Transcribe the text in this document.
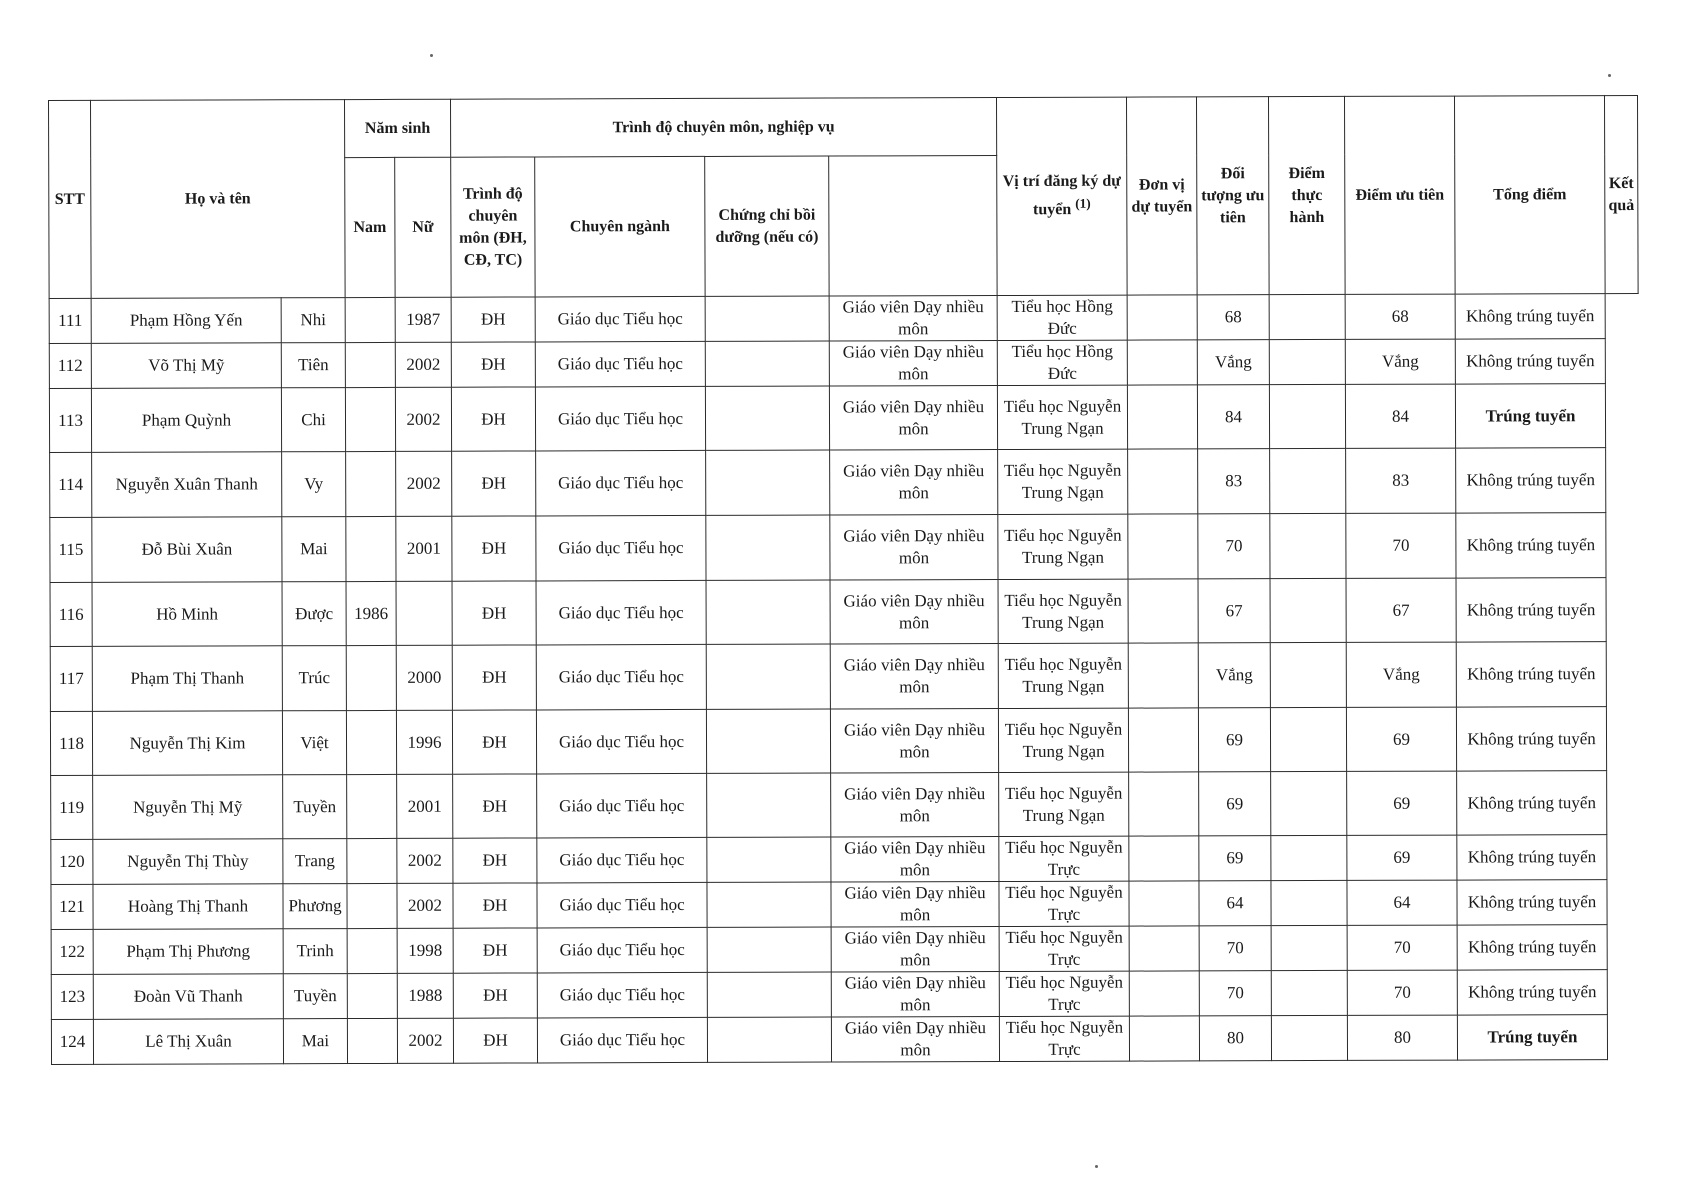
STT	Họ và tên		Năm sinh		Trình độ chuyên môn, nghiệp vụ				Vị trí đăng ký dự tuyển $^{(1)}$	Đơn vị dự tuyển	Đối tượng ưu tiên	Điểm thực hành	Điểm ưu tiên	Tổng điểm	Kết quả
			Nam	Nữ	Trình độ chuyên môn (ĐH, CĐ, TC)	Chuyên ngành	Chứng chỉ bồi dưỡng (nếu có)								
111	Phạm Hồng Yến	Nhi		1987	ĐH	Giáo dục Tiểu học		Giáo viên Dạy nhiều môn	Tiểu học Hồng Đức		68		68	Không trúng tuyển	
112	Võ Thị Mỹ	Tiên		2002	ĐH	Giáo dục Tiểu học		Giáo viên Dạy nhiều môn	Tiểu học Hồng Đức		Vắng		Vắng	Không trúng tuyển	
113	Phạm Quỳnh	Chi		2002	ĐH	Giáo dục Tiểu học		Giáo viên Dạy nhiều môn	Tiểu học Nguyễn Trung Ngạn		84		84	Trúng tuyển	
114	Nguyễn Xuân Thanh	Vy		2002	ĐH	Giáo dục Tiểu học		Giáo viên Dạy nhiều môn	Tiểu học Nguyễn Trung Ngạn		83		83	Không trúng tuyển	
115	Đỗ Bùi Xuân	Mai		2001	ĐH	Giáo dục Tiểu học		Giáo viên Dạy nhiều môn	Tiểu học Nguyễn Trung Ngạn		70		70	Không trúng tuyển	
116	Hồ Minh	Được	1986		ĐH	Giáo dục Tiểu học		Giáo viên Dạy nhiều môn	Tiểu học Nguyễn Trung Ngạn		67		67	Không trúng tuyển	
117	Phạm Thị Thanh	Trúc		2000	ĐH	Giáo dục Tiểu học		Giáo viên Dạy nhiều môn	Tiểu học Nguyễn Trung Ngạn		Vắng		Vắng	Không trúng tuyển	
118	Nguyễn Thị Kim	Việt		1996	ĐH	Giáo dục Tiểu học		Giáo viên Dạy nhiều môn	Tiểu học Nguyễn Trung Ngạn		69		69	Không trúng tuyển	
119	Nguyễn Thị Mỹ	Tuyền		2001	ĐH	Giáo dục Tiểu học		Giáo viên Dạy nhiều môn	Tiểu học Nguyễn Trung Ngạn		69		69	Không trúng tuyển	
120	Nguyễn Thị Thùy	Trang		2002	ĐH	Giáo dục Tiểu học		Giáo viên Dạy nhiều môn	Tiểu học Nguyễn Trực		69		69	Không trúng tuyển	
121	Hoàng Thị Thanh	Phương		2002	ĐH	Giáo dục Tiểu học		Giáo viên Dạy nhiều môn	Tiểu học Nguyễn Trực		64		64	Không trúng tuyển	
122	Phạm Thị Phương	Trinh		1998	ĐH	Giáo dục Tiểu học		Giáo viên Dạy nhiều môn	Tiểu học Nguyễn Trực		70		70	Không trúng tuyển	
123	Đoàn Vũ Thanh	Tuyền		1988	ĐH	Giáo dục Tiểu học		Giáo viên Dạy nhiều môn	Tiểu học Nguyễn Trực		70		70	Không trúng tuyển	
124	Lê Thị Xuân	Mai		2002	ĐH	Giáo dục Tiểu học		Giáo viên Dạy nhiều môn	Tiểu học Nguyễn Trực		80		80	Trúng tuyển	
